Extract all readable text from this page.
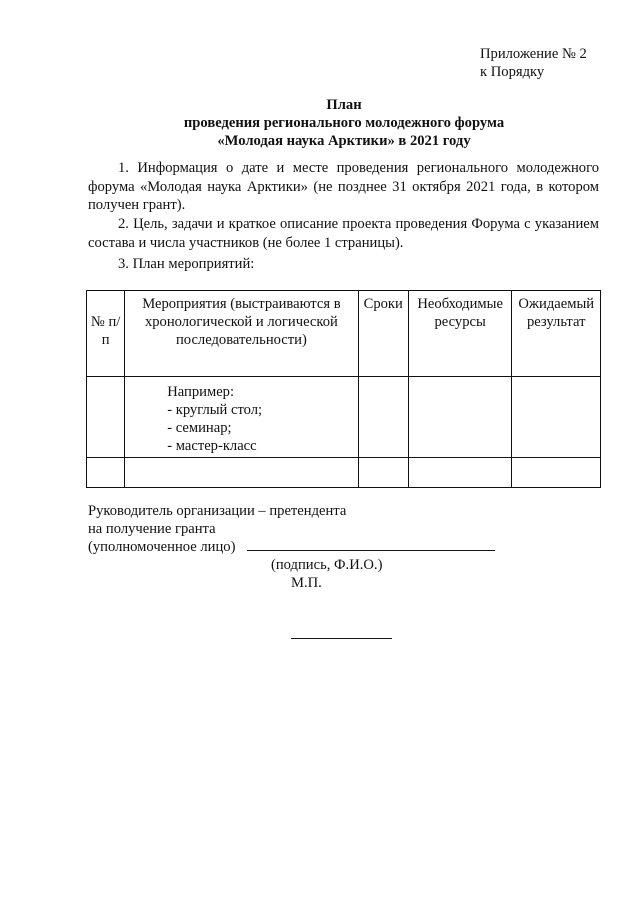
Приложение № 2
к Порядку
План
проведения регионального молодежного форума
«Молодая наука Арктики» в 2021 году
1. Информация о дате и месте проведения регионального молодежного форума «Молодая наука Арктики» (не позднее 31 октября 2021 года, в котором получен грант).
2. Цель, задачи и краткое описание проекта проведения Форума с указанием состава и числа участников (не более 1 страницы).
3. План мероприятий:
№ п/п	Мероприятия (выстраиваются в хронологической и логической последовательности)	Сроки	Необходимые ресурсы	Ожидаемый результат

	Например:
- круглый стол;
- семинар;
- мастер-класс			

Руководитель организации – претендента
на получение гранта
(уполномоченное лицо)
(подпись, Ф.И.О.)
М.П.
